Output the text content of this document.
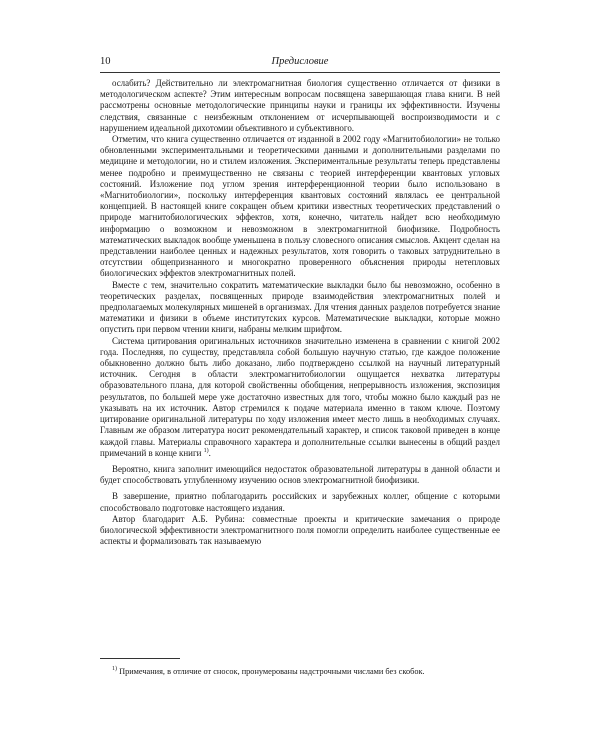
10	Предисловие

ослабить? Действительно ли электромагнитная биология существенно отличается от физики в методологическом аспекте? Этим интересным вопросам посвящена завершающая глава книги. В ней рассмотрены основные методологические принципы науки и границы их эффективности. Изучены следствия, связанные с неизбежным отклонением от исчерпывающей воспроизводимости и с нарушением идеальной дихотомии объективного и субъективного.

Отметим, что книга существенно отличается от изданной в 2002 году «Магнитобиологии» не только обновленными экспериментальными и теоретическими данными и дополнительными разделами по медицине и методологии, но и стилем изложения. Экспериментальные результаты теперь представлены менее подробно и преимущественно не связаны с теорией интерференции квантовых угловых состояний. Изложение под углом зрения интерференционной теории было использовано в «Магнитобиологии», поскольку интерференция квантовых состояний являлась ее центральной концепцией. В настоящей книге сокращен объем критики известных теоретических представлений о природе магнитобиологических эффектов, хотя, конечно, читатель найдет всю необходимую информацию о возможном и невозможном в электромагнитной биофизике. Подробность математических выкладок вообще уменьшена в пользу словесного описания смыслов. Акцент сделан на представлении наиболее ценных и надежных результатов, хотя говорить о таковых затруднительно в отсутствии общепризнанного и многократно проверенного объяснения природы нетепловых биологических эффектов электромагнитных полей.

Вместе с тем, значительно сократить математические выкладки было бы невозможно, особенно в теоретических разделах, посвященных природе взаимодействия электромагнитных полей и предполагаемых молекулярных мишеней в организмах. Для чтения данных разделов потребуется знание математики и физики в объеме институтских курсов. Математические выкладки, которые можно опустить при первом чтении книги, набраны мелким шрифтом.

Система цитирования оригинальных источников значительно изменена в сравнении с книгой 2002 года. Последняя, по существу, представляла собой большую научную статью, где каждое положение обыкновенно должно быть либо доказано, либо подтверждено ссылкой на научный литературный источник. Сегодня в области электромагнитобиологии ощущается нехватка литературы образовательного плана, для которой свойственны обобщения, непрерывность изложения, экспозиция результатов, по большей мере уже достаточно известных для того, чтобы можно было каждый раз не указывать на их источник. Автор стремился к подаче материала именно в таком ключе. Поэтому цитирование оригинальной литературы по ходу изложения имеет место лишь в необходимых случаях. Главным же образом литература носит рекомендательный характер, и список таковой приведен в конце каждой главы. Материалы справочного характера и дополнительные ссылки вынесены в общий раздел примечаний в конце книги $^{1)}$.

Вероятно, книга заполнит имеющийся недостаток образовательной литературы в данной области и будет способствовать углубленному изучению основ электромагнитной биофизики.

В завершение, приятно поблагодарить российских и зарубежных коллег, общение с которыми способствовало подготовке настоящего издания.

Автор благодарит А.Б. Рубина: совместные проекты и критические замечания о природе биологической эффективности электромагнитного поля помогли определить наиболее существенные ее аспекты и формализовать так называемую

$^{1)}$ Примечания, в отличие от сносок, пронумерованы надстрочными числами без скобок.
